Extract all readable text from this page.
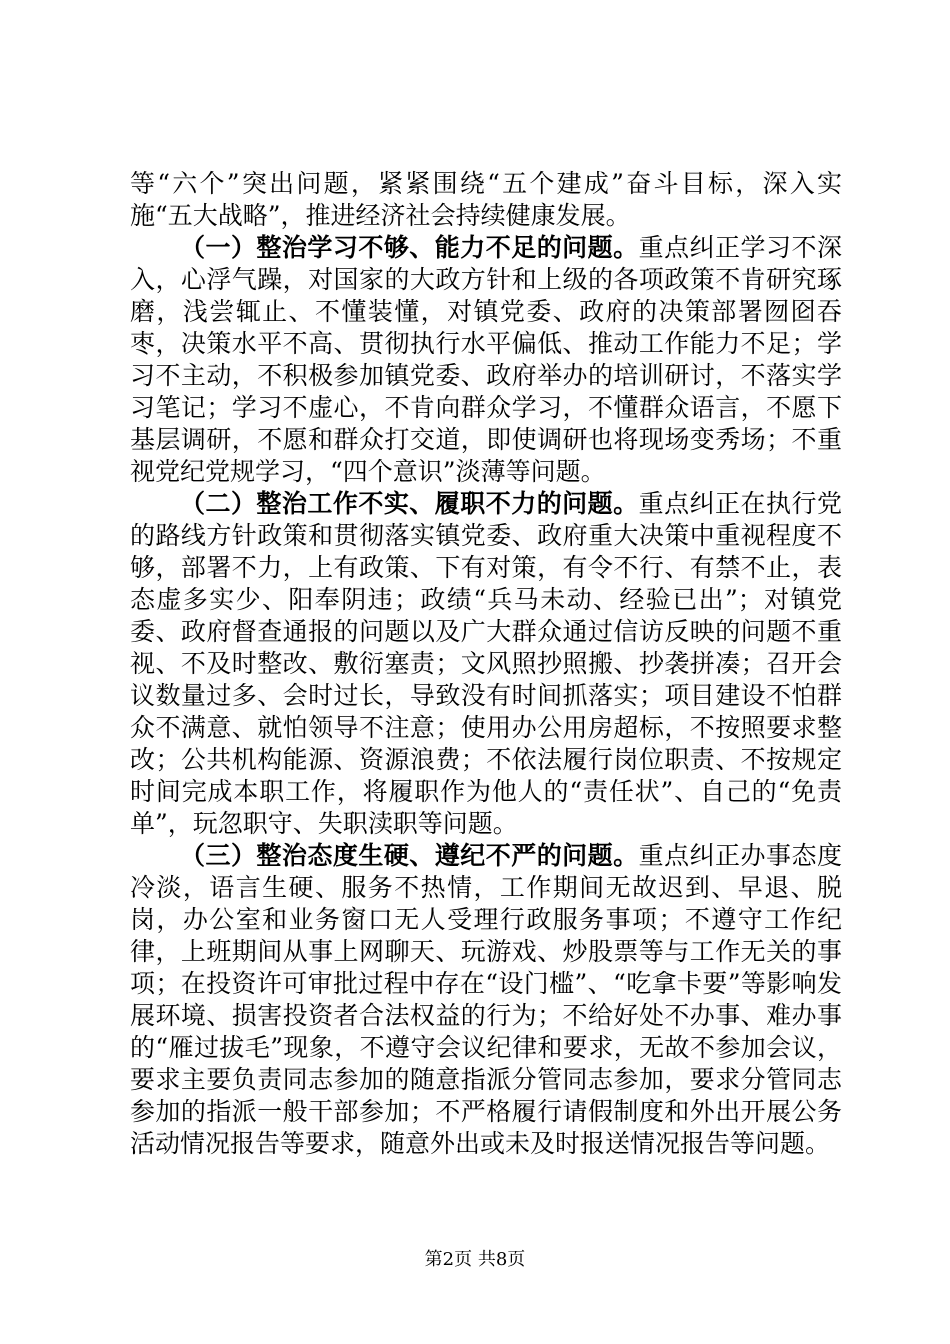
等“六个”突出问题，紧紧围绕“五个建成”奋斗目标，深入实施“五大战略”，推进经济社会持续健康发展。

（一）整治学习不够、能力不足的问题。重点纠正学习不深入，心浮气躁，对国家的大政方针和上级的各项政策不肯研究琢磨，浅尝辄止、不懂装懂，对镇党委、政府的决策部署囫囵吞枣，决策水平不高、贯彻执行水平偏低、推动工作能力不足；学习不主动，不积极参加镇党委、政府举办的培训研讨，不落实学习笔记；学习不虚心，不肯向群众学习，不懂群众语言，不愿下基层调研，不愿和群众打交道，即使调研也将现场变秀场；不重视党纪党规学习，“四个意识”淡薄等问题。

（二）整治工作不实、履职不力的问题。重点纠正在执行党的路线方针政策和贯彻落实镇党委、政府重大决策中重视程度不够，部署不力，上有政策、下有对策，有令不行、有禁不止，表态虚多实少、阳奉阴违；政绩“兵马未动、经验已出”；对镇党委、政府督查通报的问题以及广大群众通过信访反映的问题不重视、不及时整改、敷衍塞责；文风照抄照搬、抄袭拼凑；召开会议数量过多、会时过长，导致没有时间抓落实；项目建设不怕群众不满意、就怕领导不注意；使用办公用房超标，不按照要求整改；公共机构能源、资源浪费；不依法履行岗位职责、不按规定时间完成本职工作，将履职作为他人的“责任状”、自己的“免责单”，玩忽职守、失职渎职等问题。

（三）整治态度生硬、遵纪不严的问题。重点纠正办事态度冷淡，语言生硬、服务不热情，工作期间无故迟到、早退、脱岗，办公室和业务窗口无人受理行政服务事项；不遵守工作纪律，上班期间从事上网聊天、玩游戏、炒股票等与工作无关的事项；在投资许可审批过程中存在“设门槛”、“吃拿卡要”等影响发展环境、损害投资者合法权益的行为；不给好处不办事、难办事的“雁过拔毛”现象，不遵守会议纪律和要求，无故不参加会议，要求主要负责同志参加的随意指派分管同志参加，要求分管同志参加的指派一般干部参加；不严格履行请假制度和外出开展公务活动情况报告等要求，随意外出或未及时报送情况报告等问题。

第2页 共8页
